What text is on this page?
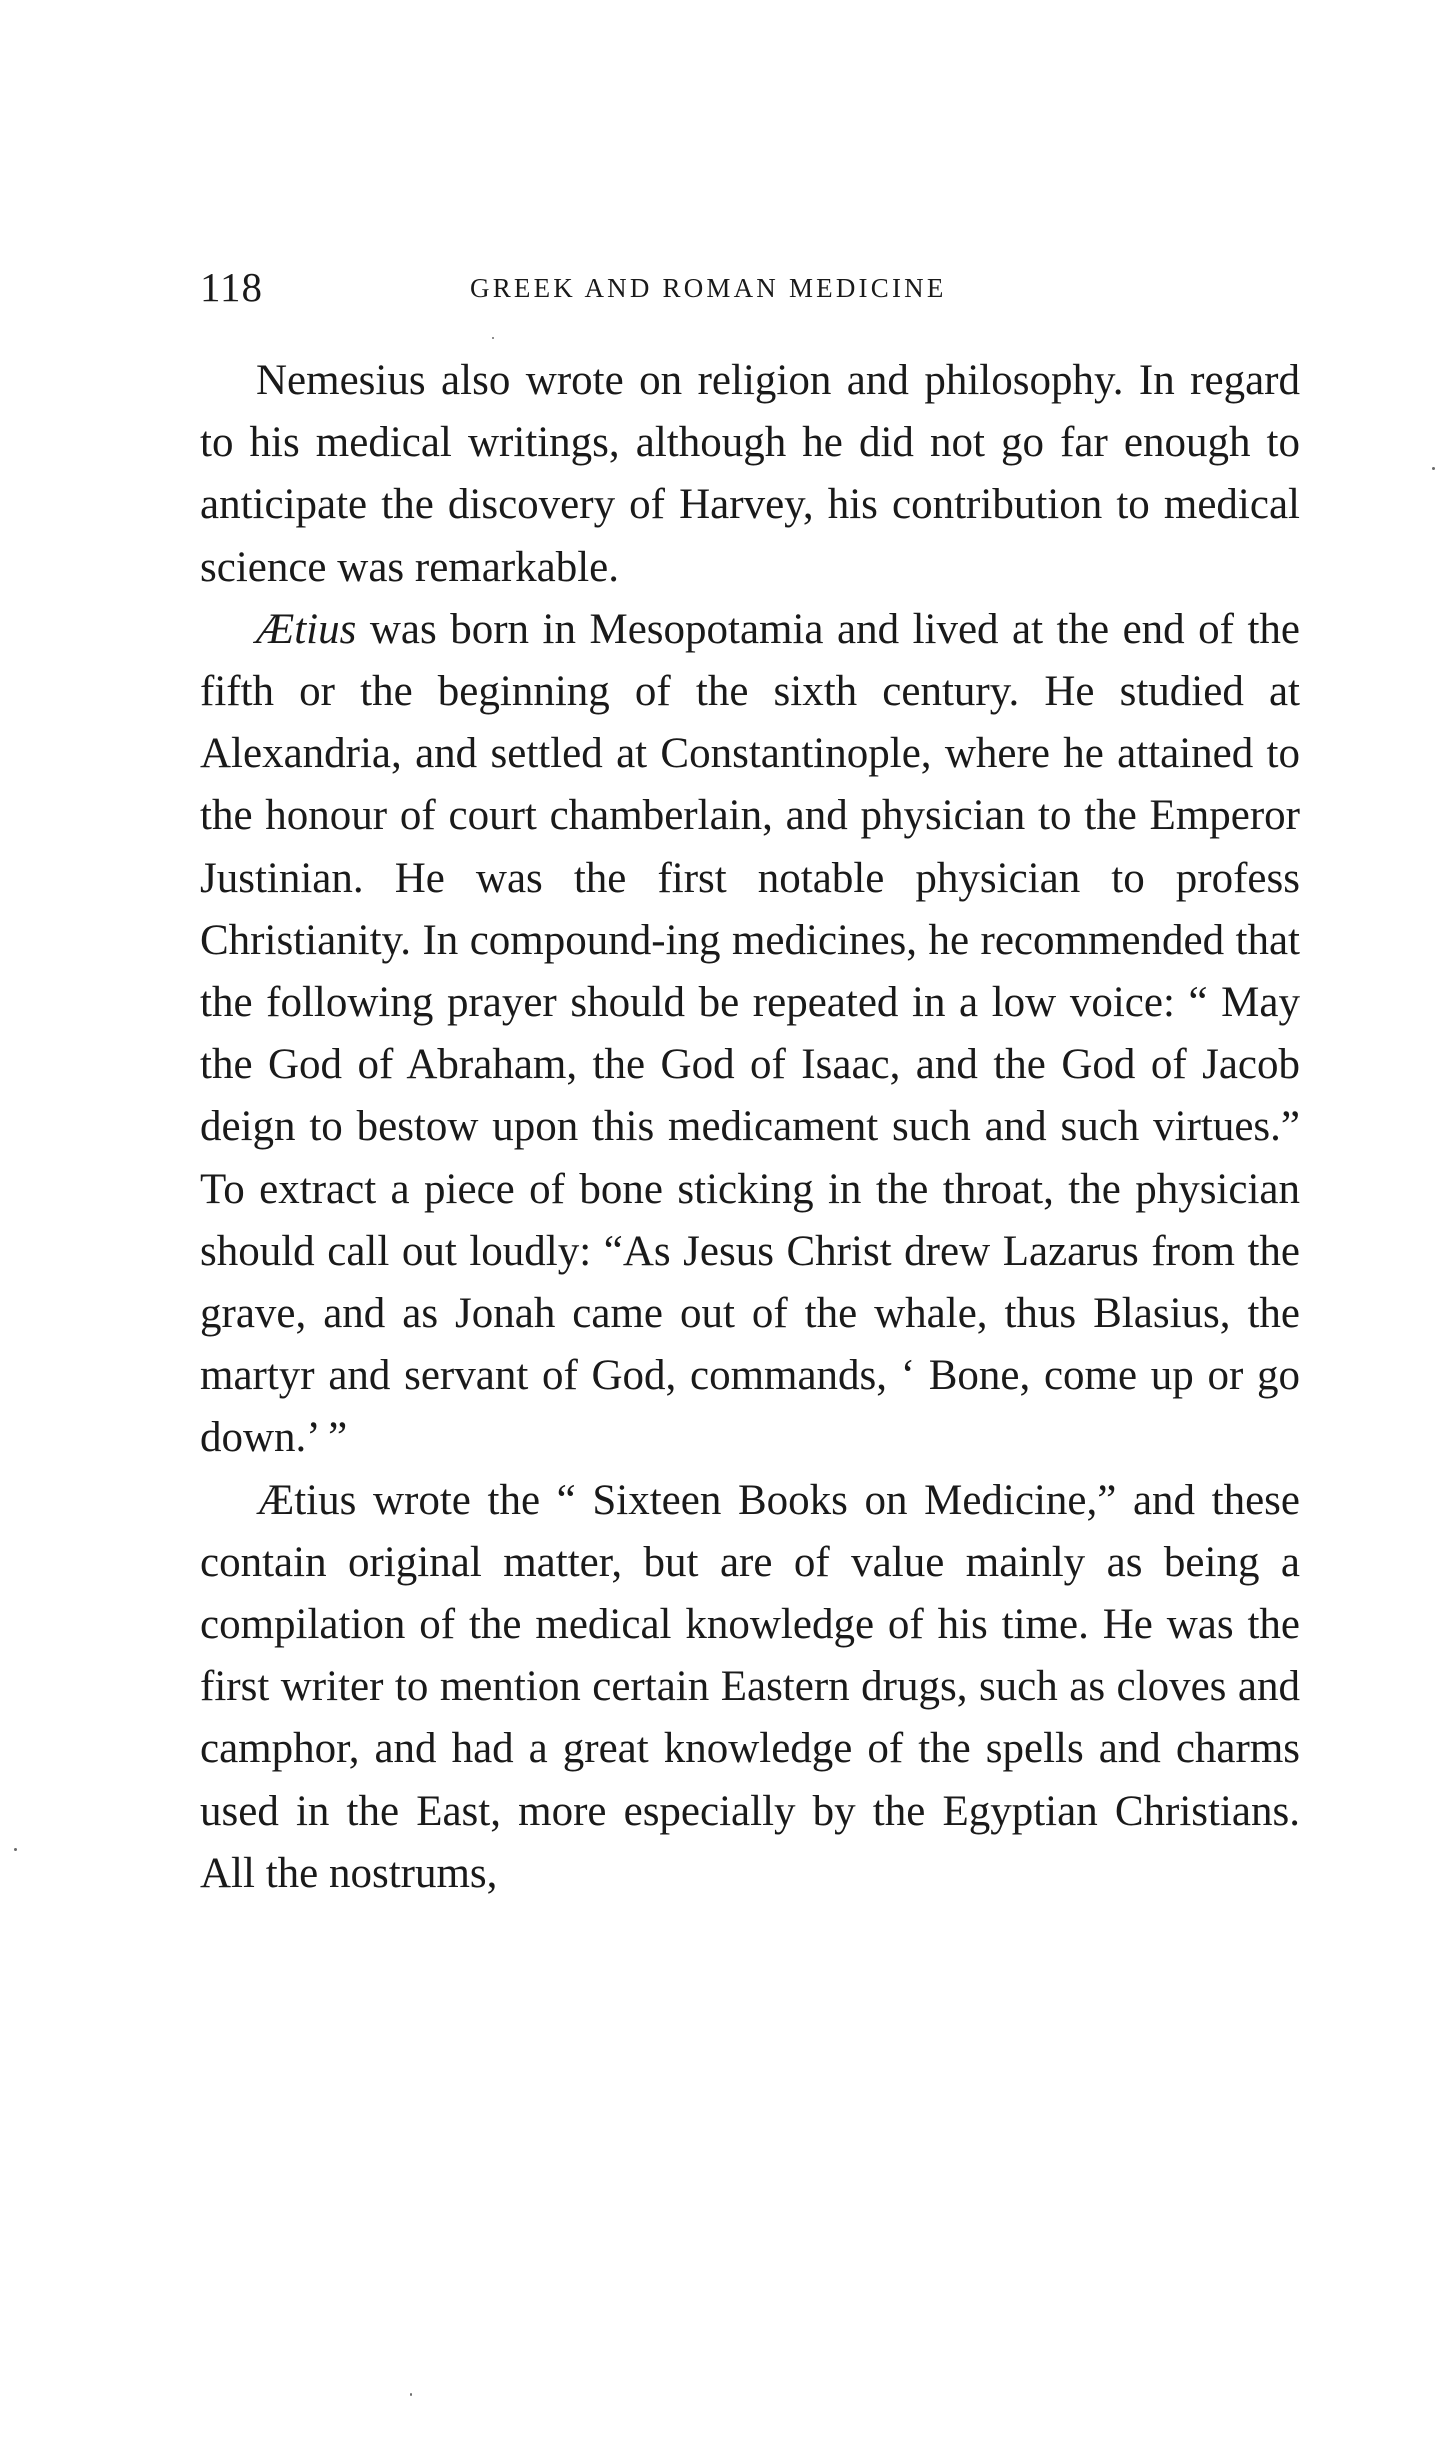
118	GREEK AND ROMAN MEDICINE

Nemesius also wrote on religion and philosophy. In regard to his medical writings, although he did not go far enough to anticipate the discovery of Harvey, his contribution to medical science was remarkable.

Ætius was born in Mesopotamia and lived at the end of the fifth or the beginning of the sixth century. He studied at Alexandria, and settled at Constantinople, where he attained to the honour of court chamberlain, and physician to the Emperor Justinian. He was the first notable physician to profess Christianity. In compound-ing medicines, he recommended that the following prayer should be repeated in a low voice: “ May the God of Abraham, the God of Isaac, and the God of Jacob deign to bestow upon this medicament such and such virtues.” To extract a piece of bone sticking in the throat, the physician should call out loudly: “As Jesus Christ drew Lazarus from the grave, and as Jonah came out of the whale, thus Blasius, the martyr and servant of God, commands, ‘ Bone, come up or go down.’ ”

Ætius wrote the “ Sixteen Books on Medicine,” and these contain original matter, but are of value mainly as being a compilation of the medical knowledge of his time. He was the first writer to mention certain Eastern drugs, such as cloves and camphor, and had a great knowledge of the spells and charms used in the East, more especially by the Egyptian Christians. All the nostrums,
